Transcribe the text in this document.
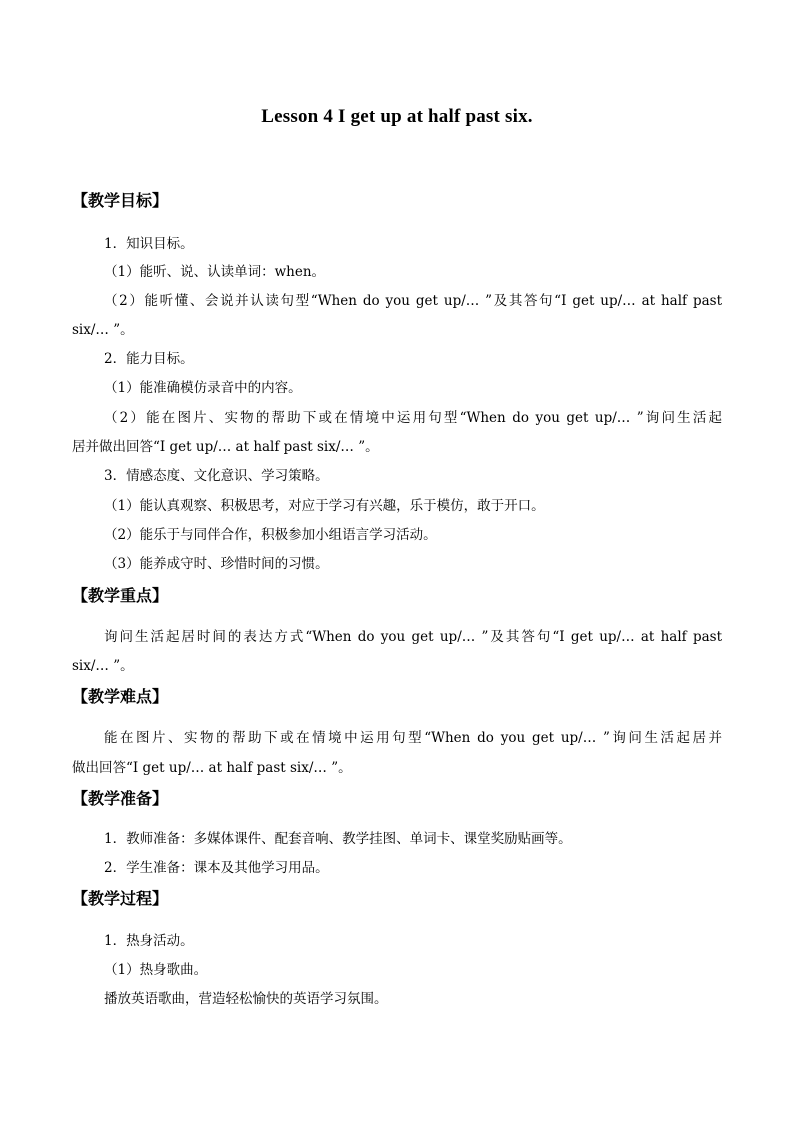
Lesson 4 I get up at half past six.
【教学目标】
1．知识目标。
（1）能听、说、认读单词：when。
（2）能听懂、会说并认读句型“When do you get up/… ”及其答句“I get up/… at half past
six/… ”。
2．能力目标。
（1）能准确模仿录音中的内容。
（2）能在图片、实物的帮助下或在情境中运用句型“When do you get up/… ”询问生活起
居并做出回答“I get up/… at half past six/… ”。
3．情感态度、文化意识、学习策略。
（1）能认真观察、积极思考，对应于学习有兴趣，乐于模仿，敢于开口。
（2）能乐于与同伴合作，积极参加小组语言学习活动。
（3）能养成守时、珍惜时间的习惯。
【教学重点】
询问生活起居时间的表达方式“When do you get up/… ”及其答句“I get up/… at half past
six/… ”。
【教学难点】
能在图片、实物的帮助下或在情境中运用句型“When do you get up/… ”询问生活起居并
做出回答“I get up/… at half past six/… ”。
【教学准备】
1．教师准备：多媒体课件、配套音响、教学挂图、单词卡、课堂奖励贴画等。
2．学生准备：课本及其他学习用品。
【教学过程】
1．热身活动。
（1）热身歌曲。
播放英语歌曲，营造轻松愉快的英语学习氛围。
